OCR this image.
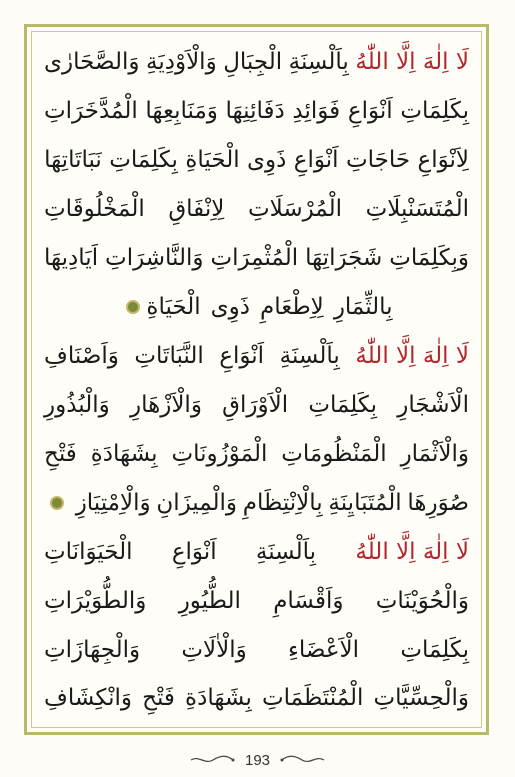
لَا اِلٰهَ اِلَّا اللّٰهُ
بِاَلْسِنَةِ
الْجِبَالِ
وَالْاَوْدِيَةِ
وَالصَّحَارٰى
بِكَلِمَاتِ
اَنْوَاعِ
فَوَائِدِ
دَفَائِنِهَا
وَمَنَابِعِهَا
الْمُدَّخَرَاتِ
لِاَنْوَاعِ
حَاجَاتِ
اَنْوَاعِ
ذَوِى
الْحَيَاةِ
بِكَلِمَاتِ
نَبَاتَاتِهَا
الْمُتَسَنْبِلَاتِ
الْمُرْسَلَاتِ
لِاِنْفَاقِ
الْمَخْلُوقَاتِ
وَبِكَلِمَاتِ
شَجَرَاتِهَا
الْمُثْمِرَاتِ
وَالنَّاشِرَاتِ
اَيَادِيهَا
بِالثِّمَارِ
لِاِطْعَامِ
ذَوِى
الْحَيَاةِ
لَا اِلٰهَ اِلَّا اللّٰهُ
بِاَلْسِنَةِ
اَنْوَاعِ
النَّبَاتَاتِ
وَاَصْنَافِ
الْاَشْجَارِ
بِكَلِمَاتِ
الْاَوْرَاقِ
وَالْاَزْهَارِ
وَالْبُذُورِ
وَالْاَثْمَارِ
الْمَنْظُومَاتِ
الْمَوْزُونَاتِ
بِشَهَادَةِ
فَتْحِ
صُوَرِهَا
الْمُتَبَايِنَةِ
بِالْاِنْتِظَامِ
وَالْمِيزَانِ
وَالْاِمْتِيَازِ
لَا اِلٰهَ اِلَّا اللّٰهُ
بِاَلْسِنَةِ
اَنْوَاعِ
الْحَيَوَانَاتِ
وَالْحُوَيْنَاتِ
وَاَقْسَامِ
الطُّيُورِ
وَالطُّوَيْرَاتِ
بِكَلِمَاتِ
الْاَعْضَاءِ
وَالْاٰلَاتِ
وَالْجِهَازَاتِ
وَالْحِسِّيَّاتِ
الْمُنْتَظَمَاتِ
بِشَهَادَةِ
فَتْحِ
وَانْكِشَافِ
193
